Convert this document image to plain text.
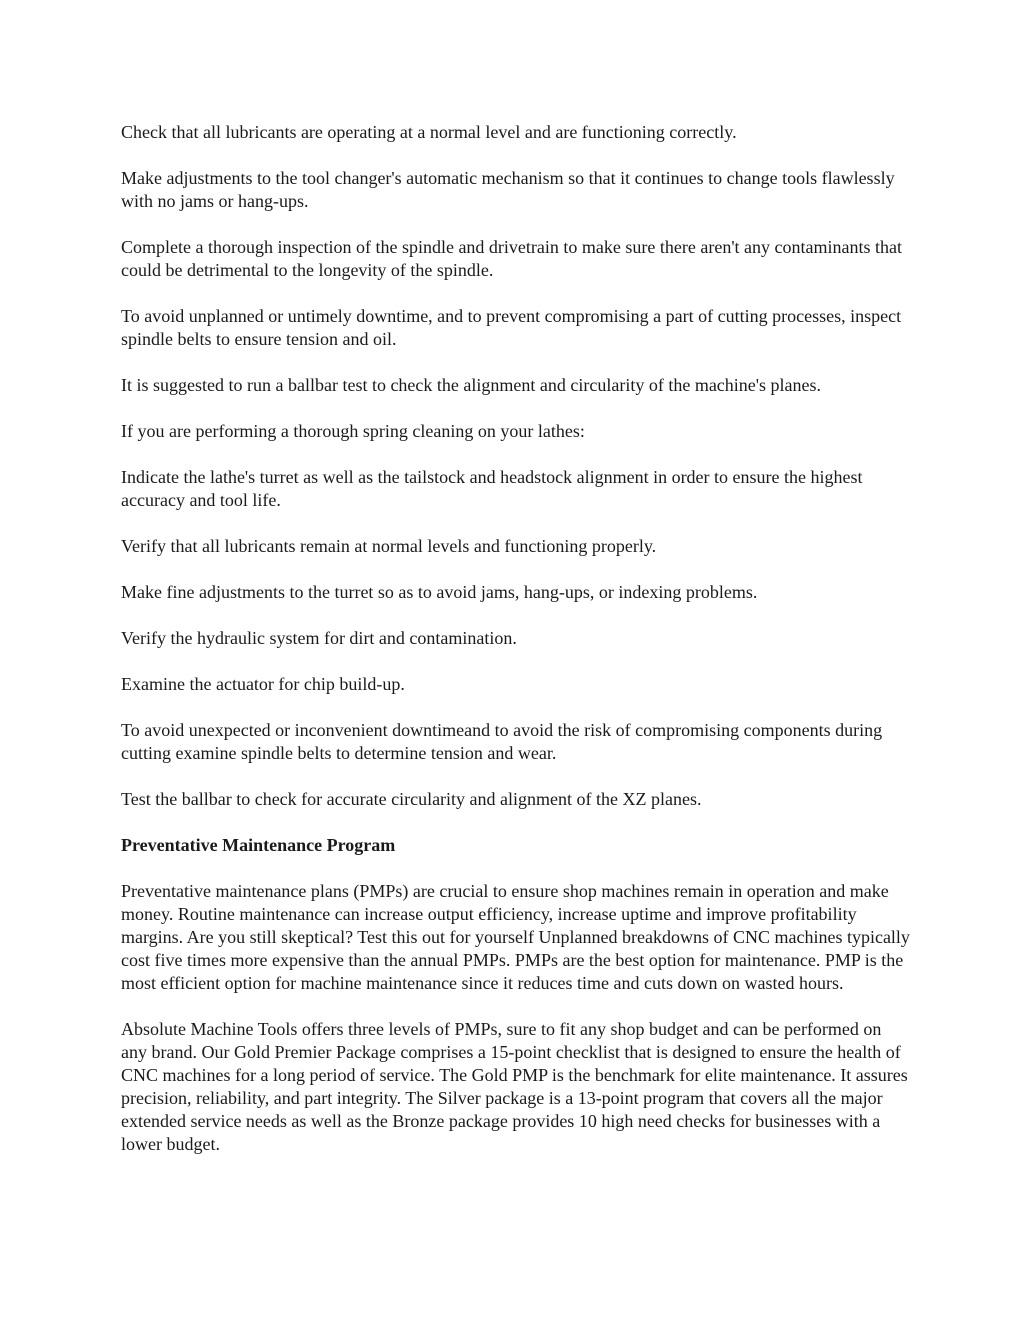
Check that all lubricants are operating at a normal level and are functioning correctly.

Make adjustments to the tool changer's automatic mechanism so that it continues to change tools flawlessly with no jams or hang-ups.

Complete a thorough inspection of the spindle and drivetrain to make sure there aren't any contaminants that could be detrimental to the longevity of the spindle.

To avoid unplanned or untimely downtime, and to prevent compromising a part of cutting processes, inspect spindle belts to ensure tension and oil.

It is suggested to run a ballbar test to check the alignment and circularity of the machine's planes.

If you are performing a thorough spring cleaning on your lathes:

Indicate the lathe's turret as well as the tailstock and headstock alignment in order to ensure the highest accuracy and tool life.

Verify that all lubricants remain at normal levels and functioning properly.

Make fine adjustments to the turret so as to avoid jams, hang-ups, or indexing problems.

Verify the hydraulic system for dirt and contamination.

Examine the actuator for chip build-up.

To avoid unexpected or inconvenient downtimeand to avoid the risk of compromising components during cutting examine spindle belts to determine tension and wear.

Test the ballbar to check for accurate circularity and alignment of the XZ planes.

Preventative Maintenance Program

Preventative maintenance plans (PMPs) are crucial to ensure shop machines remain in operation and make money. Routine maintenance can increase output efficiency, increase uptime and improve profitability margins. Are you still skeptical? Test this out for yourself Unplanned breakdowns of CNC machines typically cost five times more expensive than the annual PMPs. PMPs are the best option for maintenance. PMP is the most efficient option for machine maintenance since it reduces time and cuts down on wasted hours.

Absolute Machine Tools offers three levels of PMPs, sure to fit any shop budget and can be performed on any brand. Our Gold Premier Package comprises a 15-point checklist that is designed to ensure the health of CNC machines for a long period of service. The Gold PMP is the benchmark for elite maintenance. It assures precision, reliability, and part integrity. The Silver package is a 13-point program that covers all the major extended service needs as well as the Bronze package provides 10 high need checks for businesses with a lower budget.
